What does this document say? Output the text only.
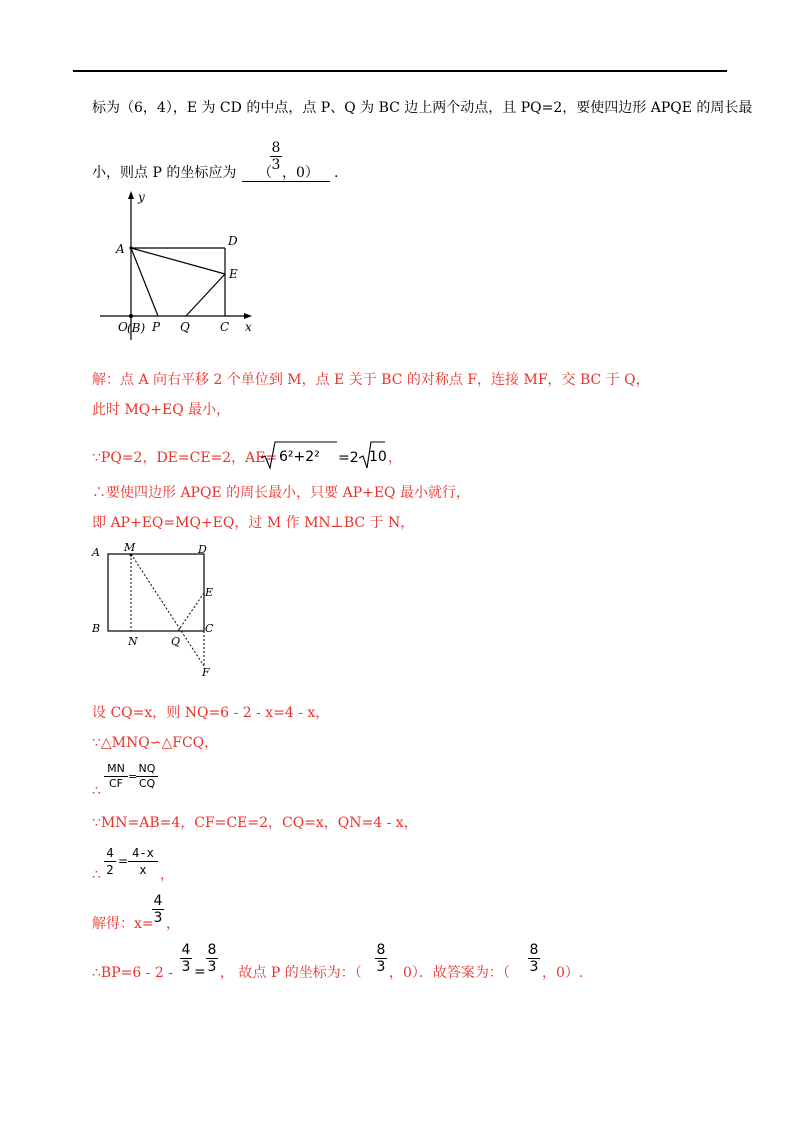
标为（6，4），E 为 CD 的中点，点 P、Q 为 BC 边上两个动点，且 PQ=2，要使四边形 APQE 的周长最
小，则点 P 的坐标应为 （
$\frac{8}{3}$ ，0） .
y
A
D
E
O (B) P Q	C x
解：点 A 向右平移 2 个单位到 M，点 E 关于 BC 的对称点 F，连接 MF，交 BC 于 Q，
此时 MQ+EQ 最小，
∵PQ=2，DE=CE=2，AE= 6²+2² =2 10 ，
∴要使四边形 APQE 的周长最小，只要 AP+EQ 最小就行，
即 AP+EQ=MQ+EQ，过 M 作 MN⊥BC 于 N，
A M	D
E
B
N	Q
C
F
设 CQ=x，则 NQ=6 - 2 - x=4 - x，
∵△MNQ∽△FCQ，
∴ $\frac{MN}{CF}$ =
$\frac{NQ}{CQ}$
∵MN=AB=4，CF=CE=2，CQ=x，QN=4 - x，
∴ $\frac{4}{2} = \frac{4-x}{x}$ ，
解得：x=
$\frac{4}{3}$ ，
∴BP=6 - $2 - \frac{4}{3} = \frac{8}{3}$ ， 故点 P 的坐标为：（ $\frac{8}{3}$ ，0）．故答案为：（ $\frac{8}{3}$ ，0）.
